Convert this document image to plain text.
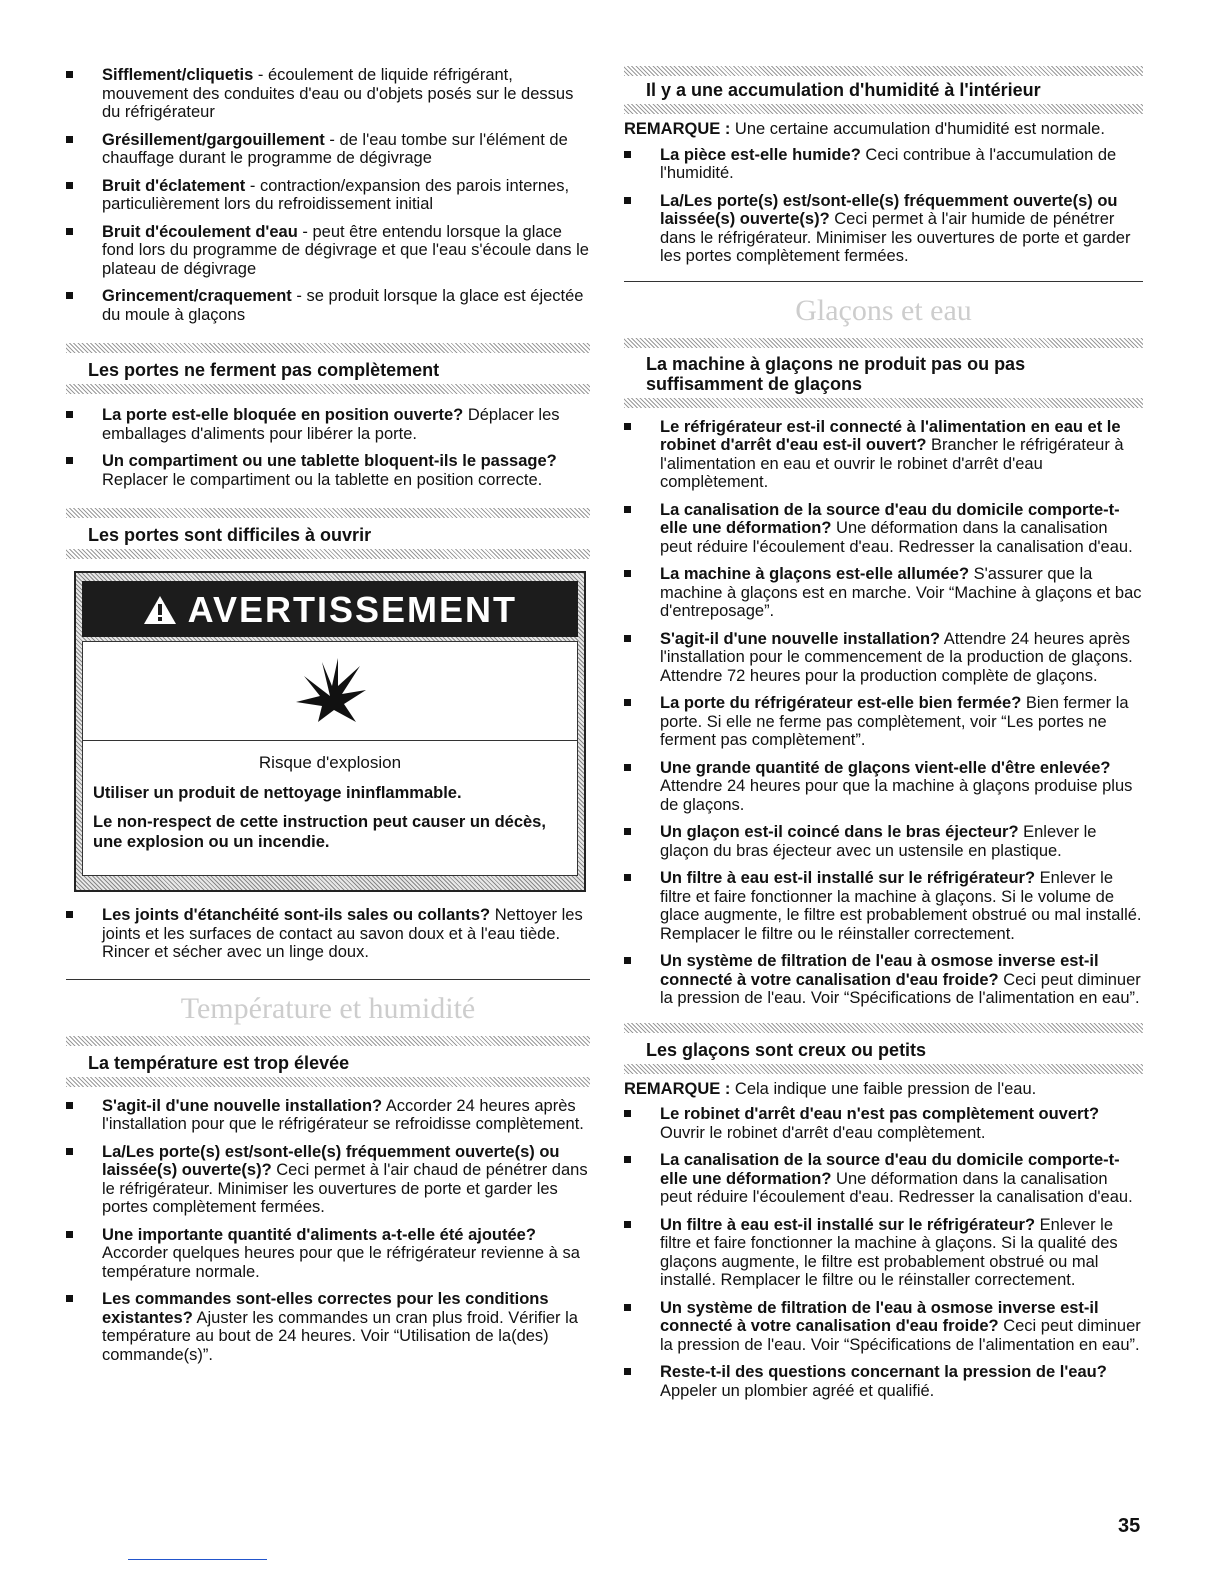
Sifflement/cliquetis - écoulement de liquide réfrigérant, mouvement des conduites d'eau ou d'objets posés sur le dessus du réfrigérateur
Grésillement/gargouillement - de l'eau tombe sur l'élément de chauffage durant le programme de dégivrage
Bruit d'éclatement - contraction/expansion des parois internes, particulièrement lors du refroidissement initial
Bruit d'écoulement d'eau - peut être entendu lorsque la glace fond lors du programme de dégivrage et que l'eau s'écoule dans le plateau de dégivrage
Grincement/craquement - se produit lorsque la glace est éjectée du moule à glaçons
Les portes ne ferment pas complètement
La porte est-elle bloquée en position ouverte? Déplacer les emballages d'aliments pour libérer la porte.
Un compartiment ou une tablette bloquent-ils le passage? Replacer le compartiment ou la tablette en position correcte.
Les portes sont difficiles à ouvrir
AVERTISSEMENT
Risque d'explosion

Utiliser un produit de nettoyage ininflammable.

Le non-respect de cette instruction peut causer un décès, une explosion ou un incendie.

Les joints d'étanchéité sont-ils sales ou collants? Nettoyer les joints et les surfaces de contact au savon doux et à l'eau tiède. Rincer et sécher avec un linge doux.
Température et humidité
La température est trop élevée
S'agit-il d'une nouvelle installation? Accorder 24 heures après l'installation pour que le réfrigérateur se refroidisse complètement.
La/Les porte(s) est/sont-elle(s) fréquemment ouverte(s) ou laissée(s) ouverte(s)? Ceci permet à l'air chaud de pénétrer dans le réfrigérateur. Minimiser les ouvertures de porte et garder les portes complètement fermées.
Une importante quantité d'aliments a-t-elle été ajoutée? Accorder quelques heures pour que le réfrigérateur revienne à sa température normale.
Les commandes sont-elles correctes pour les conditions existantes? Ajuster les commandes un cran plus froid. Vérifier la température au bout de 24 heures. Voir “Utilisation de la(des) commande(s)”.
Il y a une accumulation d'humidité à l'intérieur
REMARQUE : Une certaine accumulation d'humidité est normale.
La pièce est-elle humide? Ceci contribue à l'accumulation de l'humidité.
La/Les porte(s) est/sont-elle(s) fréquemment ouverte(s) ou laissée(s) ouverte(s)? Ceci permet à l'air humide de pénétrer dans le réfrigérateur. Minimiser les ouvertures de porte et garder les portes complètement fermées.
Glaçons et eau
La machine à glaçons ne produit pas ou pas suffisamment de glaçons
Le réfrigérateur est-il connecté à l'alimentation en eau et le robinet d'arrêt d'eau est-il ouvert? Brancher le réfrigérateur à l'alimentation en eau et ouvrir le robinet d'arrêt d'eau complètement.
La canalisation de la source d'eau du domicile comporte-t-elle une déformation? Une déformation dans la canalisation peut réduire l'écoulement d'eau. Redresser la canalisation d'eau.
La machine à glaçons est-elle allumée? S'assurer que la machine à glaçons est en marche. Voir “Machine à glaçons et bac d'entreposage”.
S'agit-il d'une nouvelle installation? Attendre 24 heures après l'installation pour le commencement de la production de glaçons. Attendre 72 heures pour la production complète de glaçons.
La porte du réfrigérateur est-elle bien fermée? Bien fermer la porte. Si elle ne ferme pas complètement, voir “Les portes ne ferment pas complètement”.
Une grande quantité de glaçons vient-elle d'être enlevée? Attendre 24 heures pour que la machine à glaçons produise plus de glaçons.
Un glaçon est-il coincé dans le bras éjecteur? Enlever le glaçon du bras éjecteur avec un ustensile en plastique.
Un filtre à eau est-il installé sur le réfrigérateur? Enlever le filtre et faire fonctionner la machine à glaçons. Si le volume de glace augmente, le filtre est probablement obstrué ou mal installé. Remplacer le filtre ou le réinstaller correctement.
Un système de filtration de l'eau à osmose inverse est-il connecté à votre canalisation d'eau froide? Ceci peut diminuer la pression de l'eau. Voir “Spécifications de l'alimentation en eau”.
Les glaçons sont creux ou petits
REMARQUE : Cela indique une faible pression de l'eau.
Le robinet d'arrêt d'eau n'est pas complètement ouvert? Ouvrir le robinet d'arrêt d'eau complètement.
La canalisation de la source d'eau du domicile comporte-t-elle une déformation? Une déformation dans la canalisation peut réduire l'écoulement d'eau. Redresser la canalisation d'eau.
Un filtre à eau est-il installé sur le réfrigérateur? Enlever le filtre et faire fonctionner la machine à glaçons. Si la qualité des glaçons augmente, le filtre est probablement obstrué ou mal installé. Remplacer le filtre ou le réinstaller correctement.
Un système de filtration de l'eau à osmose inverse est-il connecté à votre canalisation d'eau froide? Ceci peut diminuer la pression de l'eau. Voir “Spécifications de l'alimentation en eau”.
Reste-t-il des questions concernant la pression de l'eau? Appeler un plombier agréé et qualifié.
35
